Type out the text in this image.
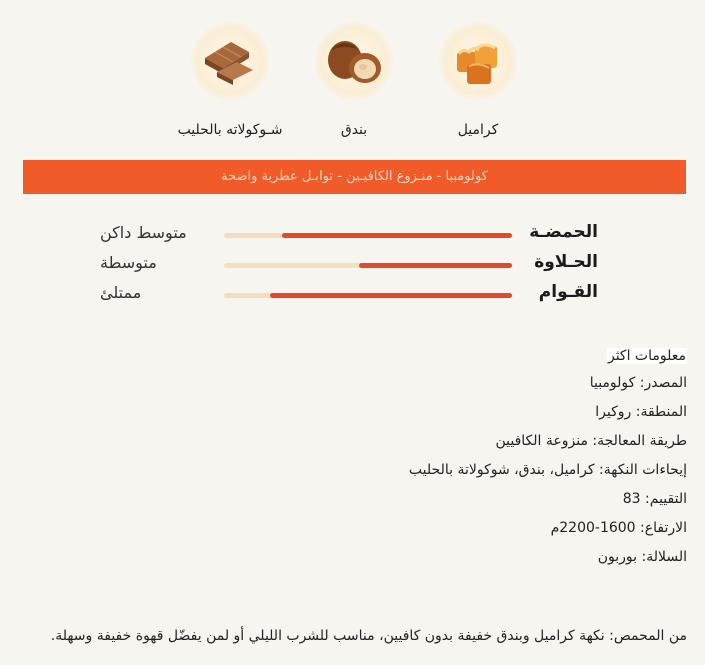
كراميل
بندق
شـوكولاته بالحليب
كولومبيا - منـزوع الكافيـين - توابـل عطرية واضحة
الحمضـة
متوسط داكن
الحـلاوة
متوسطة
القـوام
ممتلئ
معلومات اكثر
المصدر: كولومبيا
المنطقة: روكيرا
طريقة المعالجة: منزوعة الكافيين
إيحاءات النكهة: كراميل، بندق، شوكولاتة بالحليب
التقييم: 83
الارتفاع: 1600-2200م
السلالة: بوربون
من المحمص: نكهة كراميل وبندق خفيفة بدون كافيين، مناسب للشرب الليلي أو لمن يفضّل قهوة خفيفة وسهلة.
